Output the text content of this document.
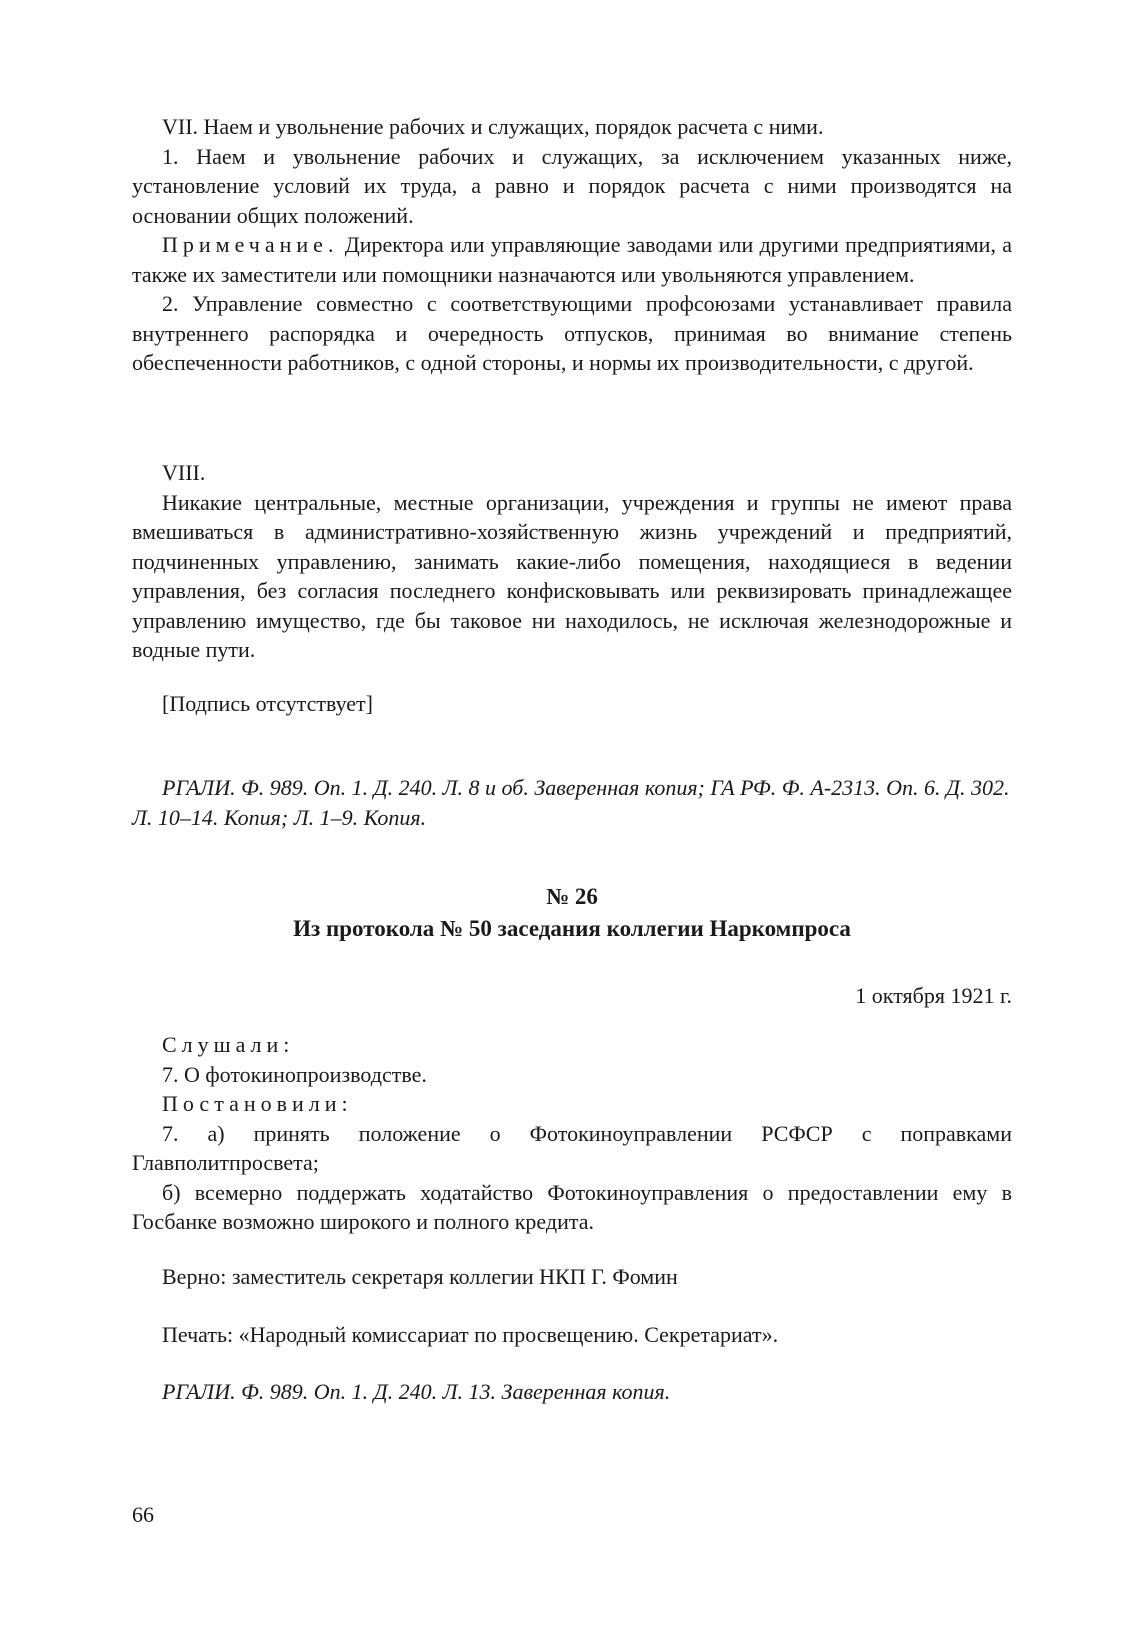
VII. Наем и увольнение рабочих и служащих, порядок расчета с ними.

1. Наем и увольнение рабочих и служащих, за исключением указанных ниже, установление условий их труда, а равно и порядок расчета с ними производятся на основании общих положений.

Примечание. Директора или управляющие заводами или другими предприятиями, а также их заместители или помощники назначаются или увольняются управлением.

2. Управление совместно с соответствующими профсоюзами устанавливает правила внутреннего распорядка и очередность отпусков, принимая во внимание степень обеспеченности работников, с одной стороны, и нормы их производительности, с другой.

VIII.

Никакие центральные, местные организации, учреждения и группы не имеют права вмешиваться в административно-хозяйственную жизнь учреждений и предприятий, подчиненных управлению, занимать какие-либо помещения, находящиеся в ведении управления, без согласия последнего конфисковывать или реквизировать принадлежащее управлению имущество, где бы таковое ни находилось, не исключая железнодорожные и водные пути.

[Подпись отсутствует]

РГАЛИ. Ф. 989. Оп. 1. Д. 240. Л. 8 и об. Заверенная копия; ГА РФ. Ф. А-2313. Оп. 6. Д. 302. Л. 10–14. Копия; Л. 1–9. Копия.

№ 26
Из протокола № 50 заседания коллегии Наркомпроса
1 октября 1921 г.

Слушали:

7. О фотокинопроизводстве.

Постановили:

7. а) принять положение о Фотокиноуправлении РСФСР с поправками Главполитпросвета;

б) всемерно поддержать ходатайство Фотокиноуправления о предоставлении ему в Госбанке возможно широкого и полного кредита.

Верно: заместитель секретаря коллегии НКП Г. Фомин

Печать: «Народный комиссариат по просвещению. Секретариат».

РГАЛИ. Ф. 989. Оп. 1. Д. 240. Л. 13. Заверенная копия.

66
